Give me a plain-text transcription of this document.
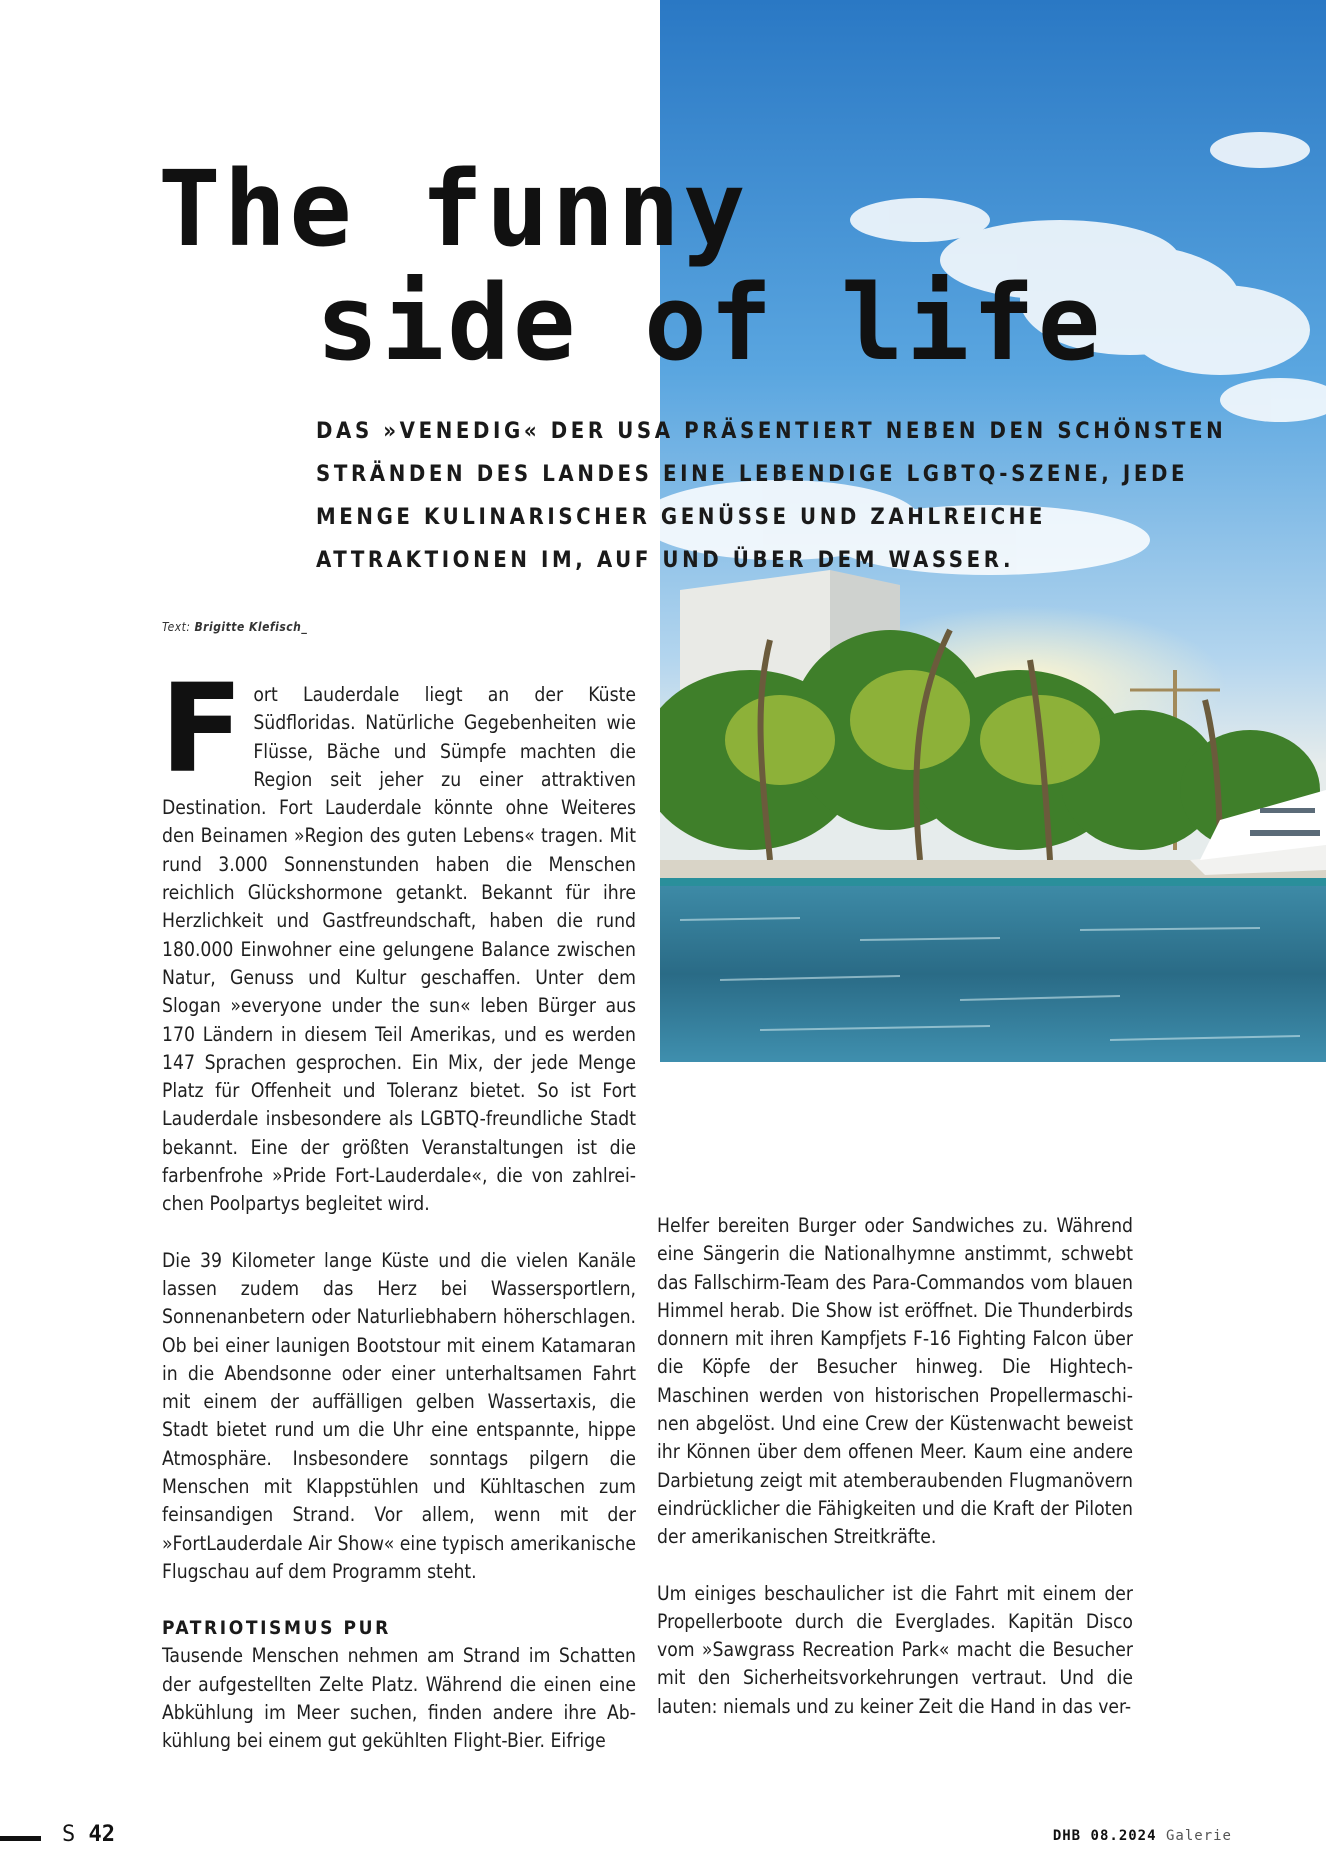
The funny
side of life

DAS »VENEDIG« DER USA PRÄSENTIERT NEBEN DEN SCHÖNSTEN STRÄNDEN DES LANDES EINE LEBENDIGE LGBTQ-SZENE, JEDE MENGE KULINARISCHER GENÜSSE UND ZAHLREICHE ATTRAKTIONEN IM, AUF UND ÜBER DEM WASSER.

Text: Brigitte Klefisch_

Fort Lauderdale liegt an der Küste Südfloridas. Natürliche Gegebenheiten wie Flüsse, Bäche und Sümpfe machten die Region seit jeher zu einer attraktiven Destination. Fort Lauderdale könnte ohne Weiteres den Beinamen »Region des guten Lebens« tragen. Mit rund 3.000 Sonnenstunden haben die Menschen reichlich Glückshormone getankt. Bekannt für ihre Herzlichkeit und Gastfreundschaft, haben die rund 180.000 Einwohner eine gelungene Balance zwischen Natur, Genuss und Kultur geschaffen. Unter dem Slogan »everyone under the sun« leben Bürger aus 170 Ländern in diesem Teil Amerikas, und es werden 147 Sprachen gesprochen. Ein Mix, der jede Menge Platz für Offenheit und Toleranz bietet. So ist Fort Lauderdale insbesondere als LGBTQ-freundliche Stadt bekannt. Eine der größten Veranstaltungen ist die farbenfrohe »Pride Fort-Lauderdale«, die von zahlreichen Poolpartys begleitet wird.

Die 39 Kilometer lange Küste und die vielen Kanäle lassen zudem das Herz bei Wassersportlern, Sonnenanbetern oder Naturliebhabern höherschlagen. Ob bei einer launigen Bootstour mit einem Katamaran in die Abendsonne oder einer unterhaltsamen Fahrt mit einem der auffälligen gelben Wassertaxis, die Stadt bietet rund um die Uhr eine entspannte, hippe Atmosphäre. Insbesondere sonntags pilgern die Menschen mit Klappstühlen und Kühltaschen zum feinsandigen Strand. Vor allem, wenn mit der »FortLauderdale Air Show« eine typisch amerikanische Flugschau auf dem Programm steht.

PATRIOTISMUS PUR

Tausende Menschen nehmen am Strand im Schatten der aufgestellten Zelte Platz. Während die einen eine Abkühlung im Meer suchen, finden andere ihre Abkühlung bei einem gut gekühlten Flight-Bier. Eifrige

Helfer bereiten Burger oder Sandwiches zu. Während eine Sängerin die Nationalhymne anstimmt, schwebt das Fallschirm-Team des Para-Commandos vom blauen Himmel herab. Die Show ist eröffnet. Die Thunderbirds donnern mit ihren Kampfjets F-16 Fighting Falcon über die Köpfe der Besucher hinweg. Die Hightech-Maschinen werden von historischen Propellermaschinen abgelöst. Und eine Crew der Küstenwacht beweist ihr Können über dem offenen Meer. Kaum eine andere Darbietung zeigt mit atemberaubenden Flugmanövern eindrücklicher die Fähigkeiten und die Kraft der Piloten der amerikanischen Streitkräfte.

Um einiges beschaulicher ist die Fahrt mit einem der Propellerboote durch die Everglades. Kapitän Disco vom »Sawgrass Recreation Park« macht die Besucher mit den Sicherheitsvorkehrungen vertraut. Und die lauten: niemals und zu keiner Zeit die Hand in das ver-

S 42	DHB 08.2024 Galerie
